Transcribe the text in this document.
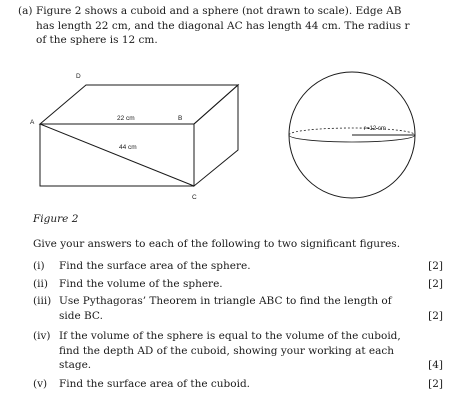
(a) Figure 2 shows a cuboid and a sphere (not drawn to scale). Edge AB
has length 22 cm, and the diagonal AC has length 44 cm. The radius r
of the sphere is 12 cm.
D
A
B
C
22 cm
44 cm
r=12 cm
Figure 2
Give your answers to each of the following to two significant figures.
(i) Find the surface area of the sphere.	[2]
(ii) Find the volume of the sphere.	[2]
(iii) Use Pythagoras’ Theorem in triangle ABC to find the length of side BC.	[2]
(iv) If the volume of the sphere is equal to the volume of the cuboid, find the depth AD of the cuboid, showing your working at each stage.	[4]
(v) Find the surface area of the cuboid.	[2]
